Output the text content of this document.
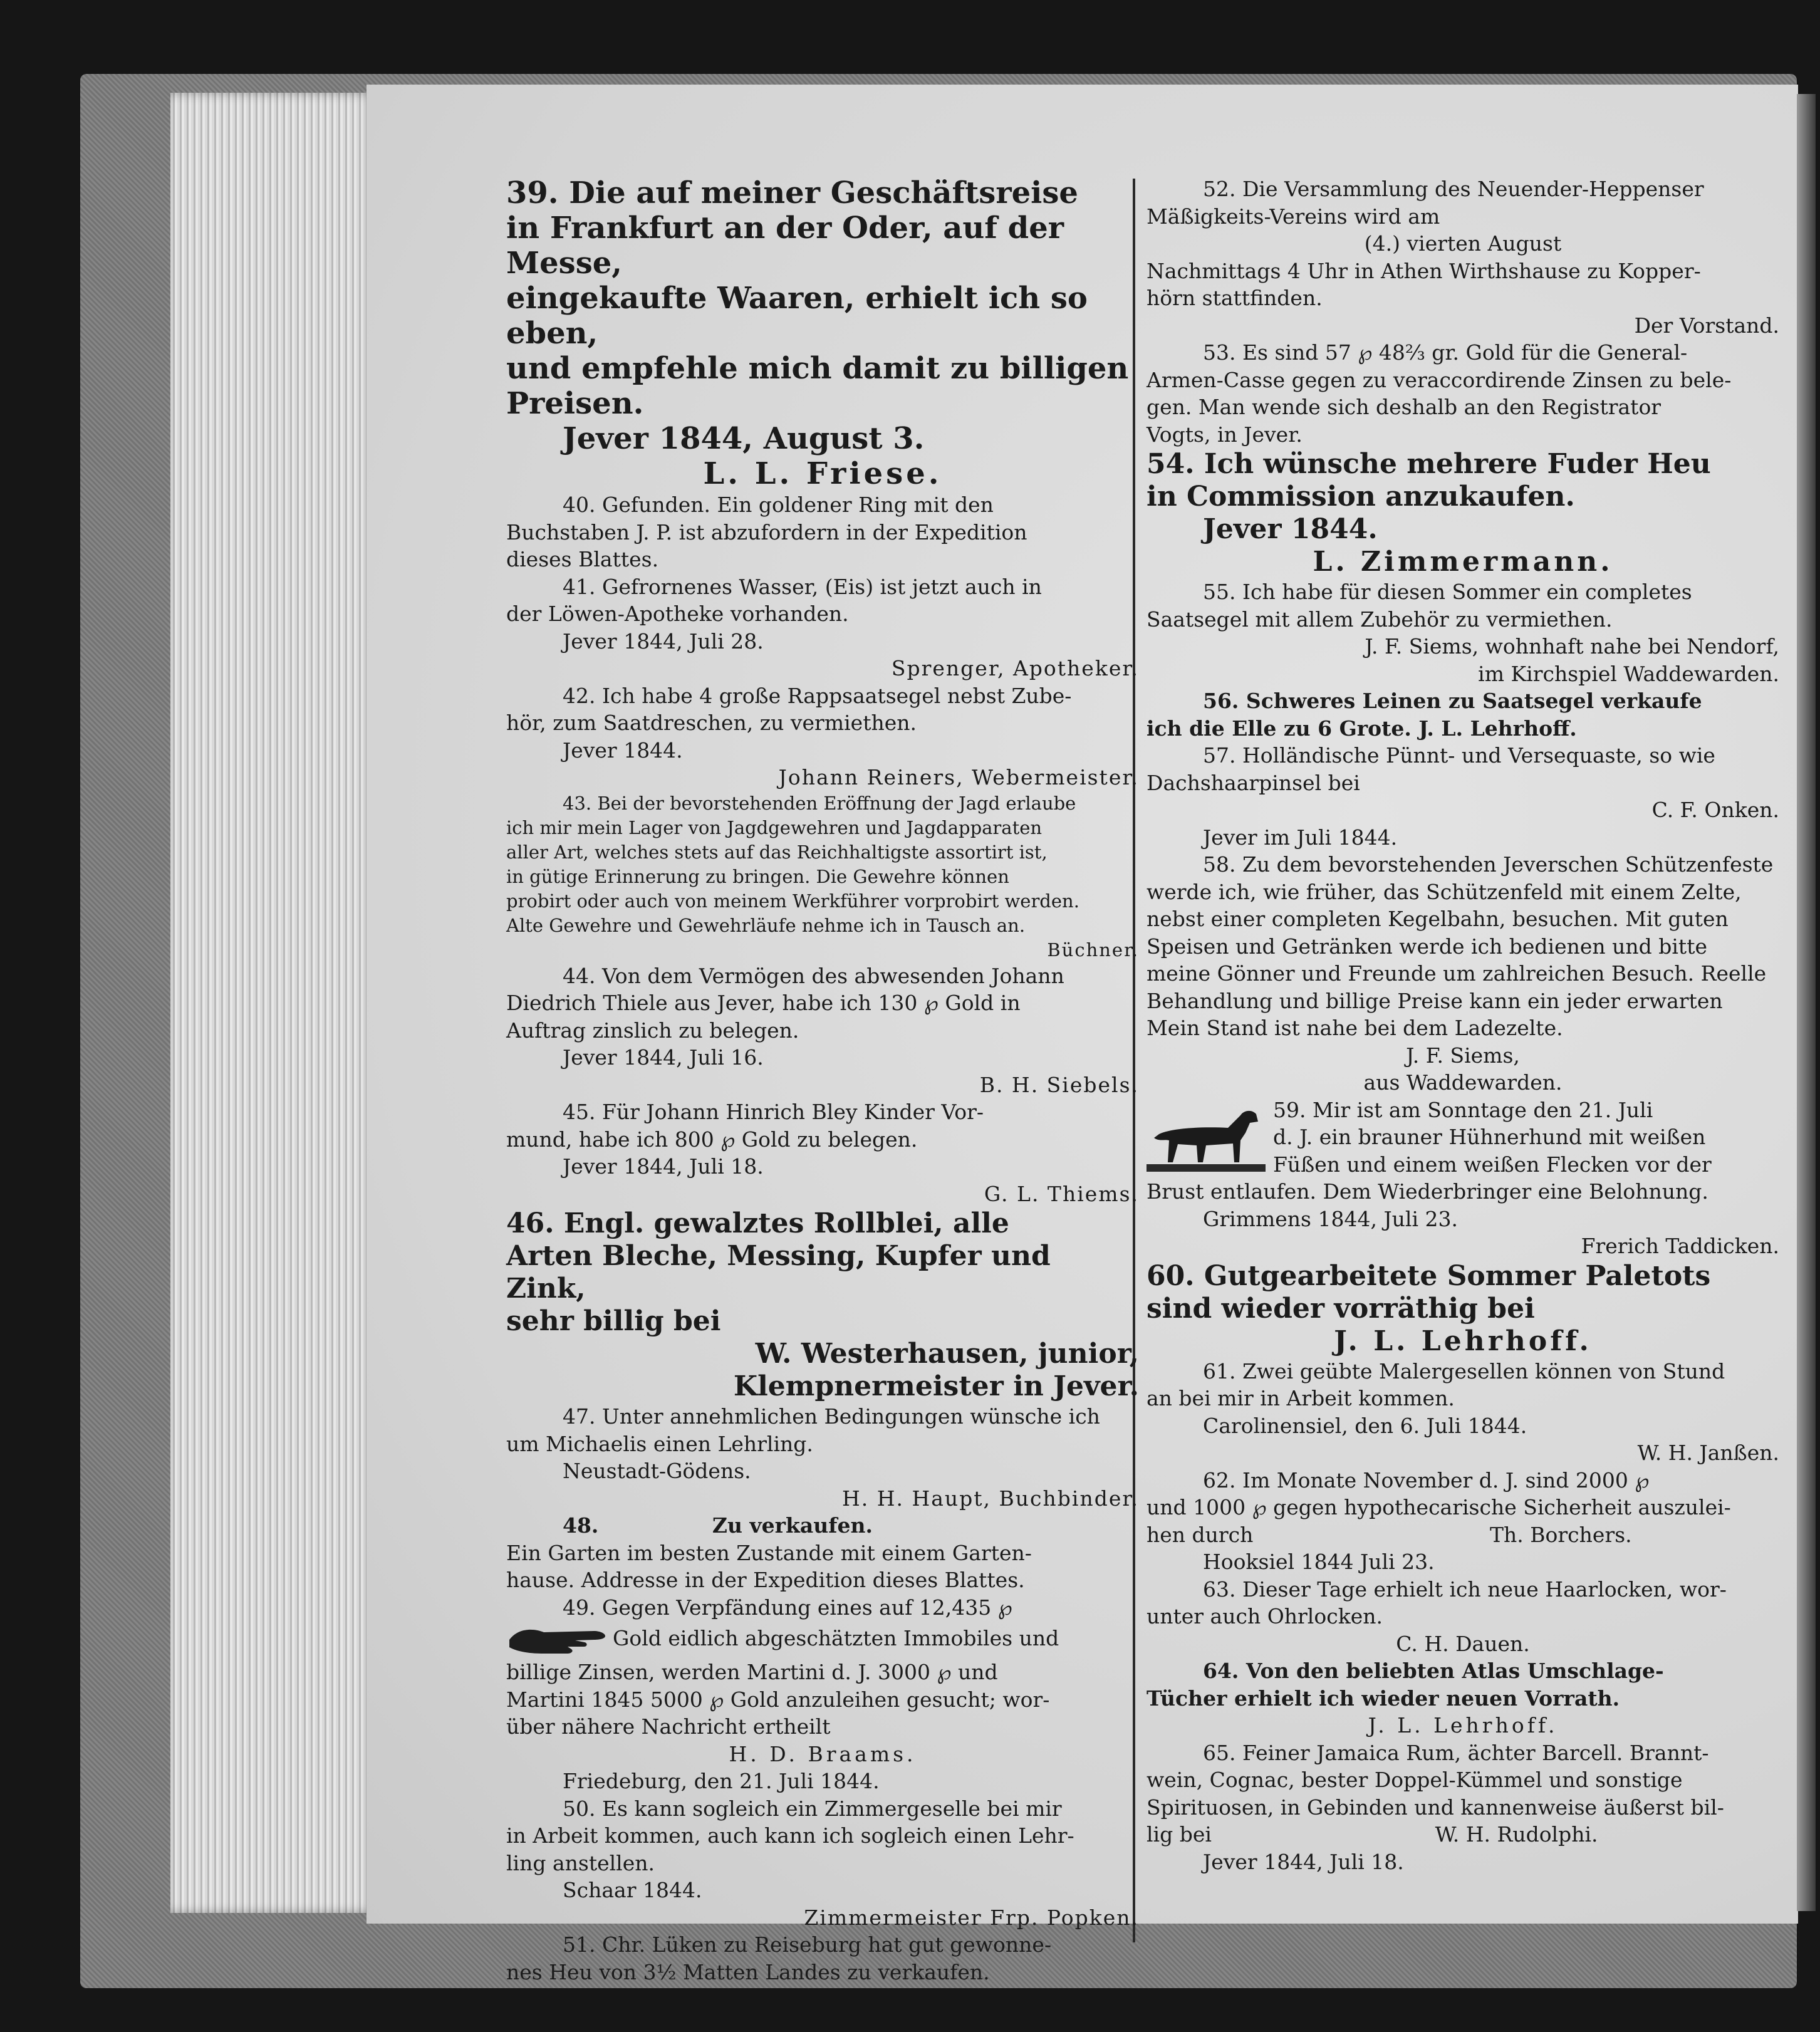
39. Die auf meiner Geschäftsreise
in Frankfurt an der Oder, auf der Messe,
eingekaufte Waaren, erhielt ich so eben,
und empfehle mich damit zu billigen
Preisen.
Jever 1844, August 3.
L. L. Friese.
40. Gefunden. Ein goldener Ring mit den
Buchstaben J. P. ist abzufordern in der Expedition
dieses Blattes.
41. Gefrornenes Wasser, (Eis) ist jetzt auch in
der Löwen-Apotheke vorhanden.
Jever 1844, Juli 28.
Sprenger, Apotheker.
42. Ich habe 4 große Rappsaatsegel nebst Zube-
hör, zum Saatdreschen, zu vermiethen.
Jever 1844.
Johann Reiners, Webermeister.
43. Bei der bevorstehenden Eröffnung der Jagd erlaube
ich mir mein Lager von Jagdgewehren und Jagdapparaten
aller Art, welches stets auf das Reichhaltigste assortirt ist,
in gütige Erinnerung zu bringen. Die Gewehre können
probirt oder auch von meinem Werkführer vorprobirt werden.
Alte Gewehre und Gewehrläufe nehme ich in Tausch an.
Büchner.
44. Von dem Vermögen des abwesenden Johann
Diedrich Thiele aus Jever, habe ich 130 ℘ Gold in
Auftrag zinslich zu belegen.
Jever 1844, Juli 16.
B. H. Siebels.
45. Für Johann Hinrich Bley Kinder Vor-
mund, habe ich 800 ℘ Gold zu belegen.
Jever 1844, Juli 18.
G. L. Thiems.
46. Engl. gewalztes Rollblei, alle
Arten Bleche, Messing, Kupfer und Zink,
sehr billig bei
W. Westerhausen, junior,
Klempnermeister in Jever.
47. Unter annehmlichen Bedingungen wünsche ich
um Michaelis einen Lehrling.
Neustadt-Gödens.
H. H. Haupt, Buchbinder.
48.	Zu verkaufen.
Ein Garten im besten Zustande mit einem Garten-
hause. Addresse in der Expedition dieses Blattes.
49. Gegen Verpfändung eines auf 12,435 ℘
Gold eidlich abgeschätzten Immobiles und
billige Zinsen, werden Martini d. J. 3000 ℘ und
Martini 1845 5000 ℘ Gold anzuleihen gesucht; wor-
über nähere Nachricht ertheilt
H. D. Braams.
Friedeburg, den 21. Juli 1844.
50. Es kann sogleich ein Zimmergeselle bei mir
in Arbeit kommen, auch kann ich sogleich einen Lehr-
ling anstellen.
Schaar 1844.
Zimmermeister Frp. Popken.
51. Chr. Lüken zu Reiseburg hat gut gewonne-
nes Heu von 3½ Matten Landes zu verkaufen.
52. Die Versammlung des Neuender-Heppenser
Mäßigkeits-Vereins wird am
(4.) vierten August
Nachmittags 4 Uhr in Athen Wirthshause zu Kopper-
hörn stattfinden.
Der Vorstand.
53. Es sind 57 ℘ 48⅔ gr. Gold für die General-
Armen-Casse gegen zu veraccordirende Zinsen zu bele-
gen. Man wende sich deshalb an den Registrator
Vogts, in Jever.
54. Ich wünsche mehrere Fuder Heu
in Commission anzukaufen.
Jever 1844.
L. Zimmermann.
55. Ich habe für diesen Sommer ein completes
Saatsegel mit allem Zubehör zu vermiethen.
J. F. Siems, wohnhaft nahe bei Nendorf,
im Kirchspiel Waddewarden.
56. Schweres Leinen zu Saatsegel verkaufe
ich die Elle zu 6 Grote. J. L. Lehrhoff.
57. Holländische Pünnt- und Versequaste, so wie
Dachshaarpinsel bei
C. F. Onken.
Jever im Juli 1844.
58. Zu dem bevorstehenden Jeverschen Schützenfeste
werde ich, wie früher, das Schützenfeld mit einem Zelte,
nebst einer completen Kegelbahn, besuchen. Mit guten
Speisen und Getränken werde ich bedienen und bitte
meine Gönner und Freunde um zahlreichen Besuch. Reelle
Behandlung und billige Preise kann ein jeder erwarten
Mein Stand ist nahe bei dem Ladezelte.
J. F. Siems,
aus Waddewarden.
59. Mir ist am Sonntage den 21. Juli
d. J. ein brauner Hühnerhund mit weißen
Füßen und einem weißen Flecken vor der
Brust entlaufen. Dem Wiederbringer eine Belohnung.
Grimmens 1844, Juli 23.
Frerich Taddicken.
60. Gutgearbeitete Sommer Paletots
sind wieder vorräthig bei
J. L. Lehrhoff.
61. Zwei geübte Malergesellen können von Stund
an bei mir in Arbeit kommen.
Carolinensiel, den 6. Juli 1844.
W. H. Janßen.
62. Im Monate November d. J. sind 2000 ℘
und 1000 ℘ gegen hypothecarische Sicherheit auszulei-
hen durch                                    Th. Borchers.
Hooksiel 1844 Juli 23.
63. Dieser Tage erhielt ich neue Haarlocken, wor-
unter auch Ohrlocken.
C. H. Dauen.
64. Von den beliebten Atlas Umschlage-
Tücher erhielt ich wieder neuen Vorrath.
J. L. Lehrhoff.
65. Feiner Jamaica Rum, ächter Barcell. Brannt-
wein, Cognac, bester Doppel-Kümmel und sonstige
Spirituosen, in Gebinden und kannenweise äußerst bil-
lig bei                                  W. H. Rudolphi.
Jever 1844, Juli 18.
